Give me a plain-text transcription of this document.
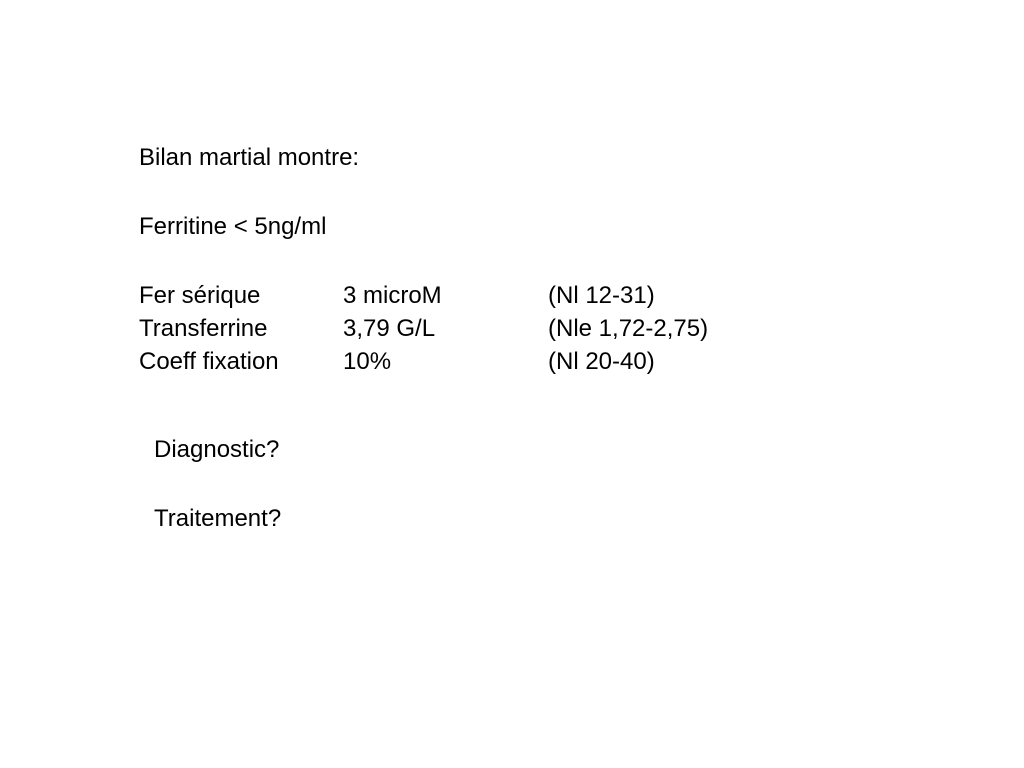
Bilan martial montre:
Ferritine < 5ng/ml
Fer sérique	3 microM	(Nl 12-31)
Transferrine	3,79 G/L	(Nle 1,72-2,75)
Coeff fixation	10%	(Nl 20-40)
Diagnostic?
Traitement?
